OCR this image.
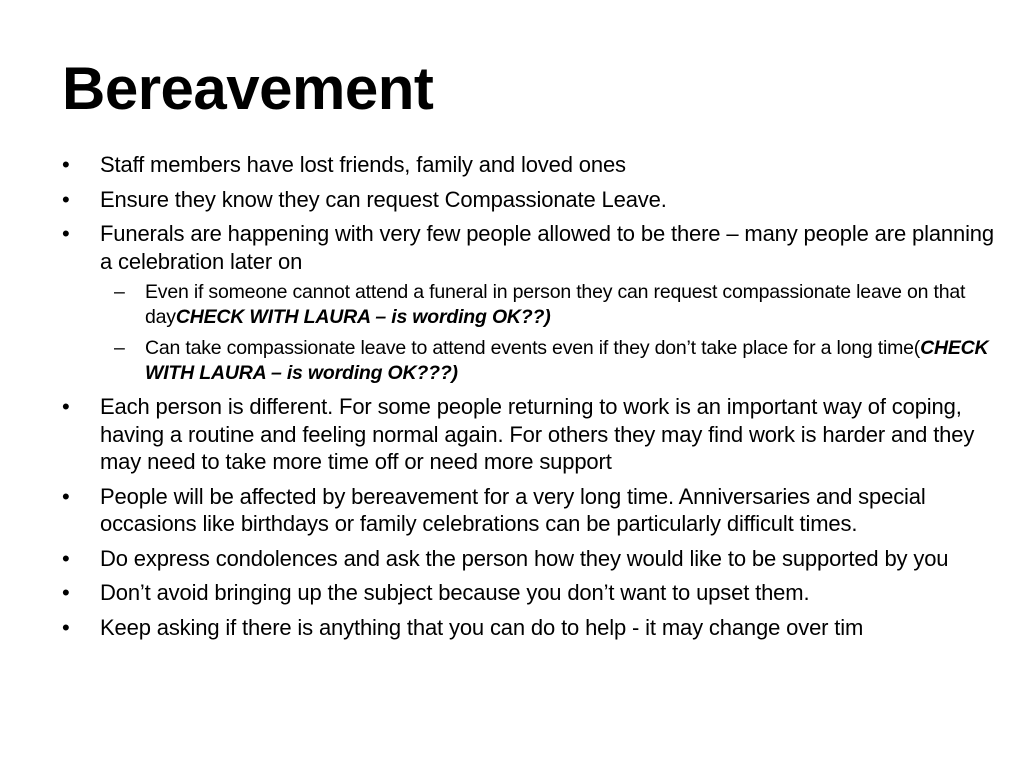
Bereavement
•	Staff members have lost friends, family and loved ones
•	Ensure they know they can request Compassionate Leave.
•	Funerals are happening with very few people allowed to be there – many people are planning a celebration later on
– Even if someone cannot attend a funeral in person they can request compassionate leave on that dayCHECK WITH LAURA – is wording OK??)
– Can take compassionate leave to attend events even if they don’t take place for a long time(CHECK WITH LAURA – is wording OK???)
•	Each person is different. For some people returning to work is an important way of coping, having a routine and feeling normal again. For others they may find work is harder and they may need to take more time off or need more support
•	People will be affected by bereavement for a very long time. Anniversaries and special occasions like birthdays or family celebrations can be particularly difficult times.
•	Do express condolences and ask the person how they would like to be supported by you
•	Don’t avoid bringing up the subject because you don’t want to upset them.
•	Keep asking if there is anything that you can do to help - it may change over tim
